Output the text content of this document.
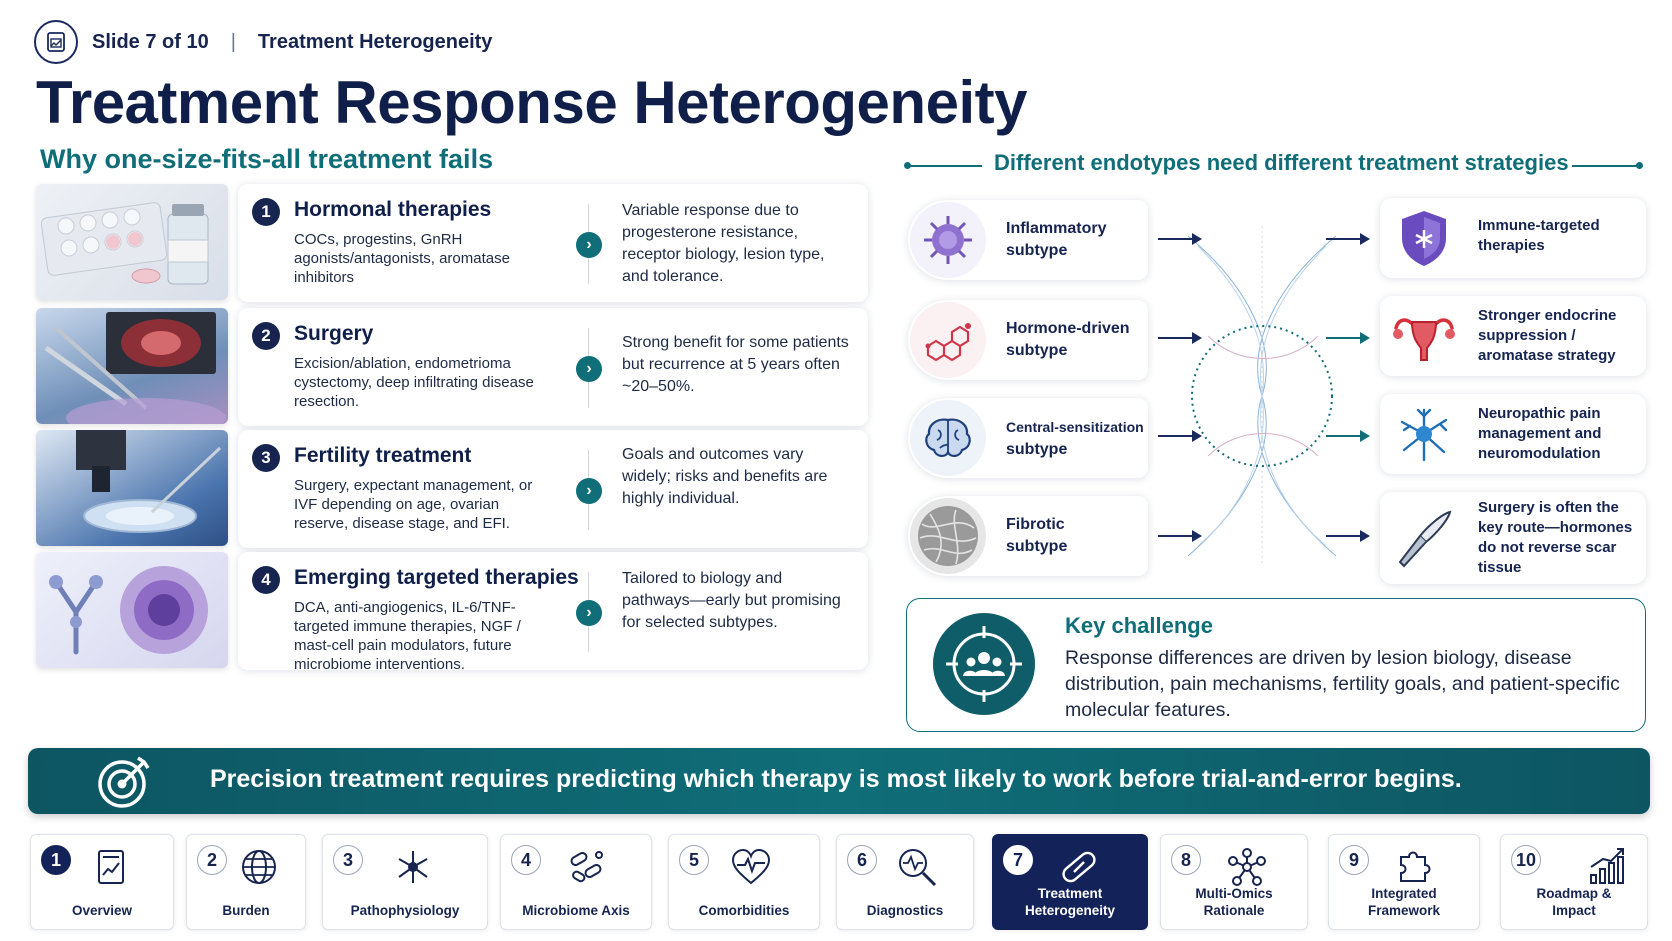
Slide 7 of 10 | Treatment Heterogeneity
Treatment Response Heterogeneity
Why one-size-fits-all treatment fails
1	Hormonal therapies
COCs, progestins, GnRH agonists/antagonists, aromatase inhibitors
›
Variable response due to progesterone resistance, receptor biology, lesion type, and tolerance.
2	Surgery
Excision/ablation, endometrioma cystectomy, deep infiltrating disease resection.
›
Strong benefit for some patients but recurrence at 5 years often ~20–50%.
3	Fertility treatment
Surgery, expectant management, or IVF depending on age, ovarian reserve, disease stage, and EFI.
›
Goals and outcomes vary widely; risks and benefits are highly individual.
4	Emerging targeted therapies
DCA, anti-angiogenics, IL-6/TNF-targeted immune therapies, NGF / mast-cell pain modulators, future microbiome interventions.
›
Tailored to biology and pathways—early but promising for selected subtypes.
Different endotypes need different treatment strategies
Inflammatory
subtype
Hormone-driven
subtype
Central-sensitization
subtype
Fibrotic
subtype
Immune-targeted therapies
Stronger endocrine suppression / aromatase strategy
Neuropathic pain management and neuromodulation
Surgery is often the key route—hormones do not reverse scar tissue
Key challenge
Response differences are driven by lesion biology, disease distribution, pain mechanisms, fertility goals, and patient-specific molecular features.
Precision treatment requires predicting which therapy is most likely to work before trial-and-error begins.
1
Overview
2
Burden
3
Pathophysiology
4
Microbiome Axis
5
Comorbidities
6
Diagnostics
7
Treatment
Heterogeneity
8
Multi-Omics
Rationale
9
Integrated
Framework
10
Roadmap &
Impact
